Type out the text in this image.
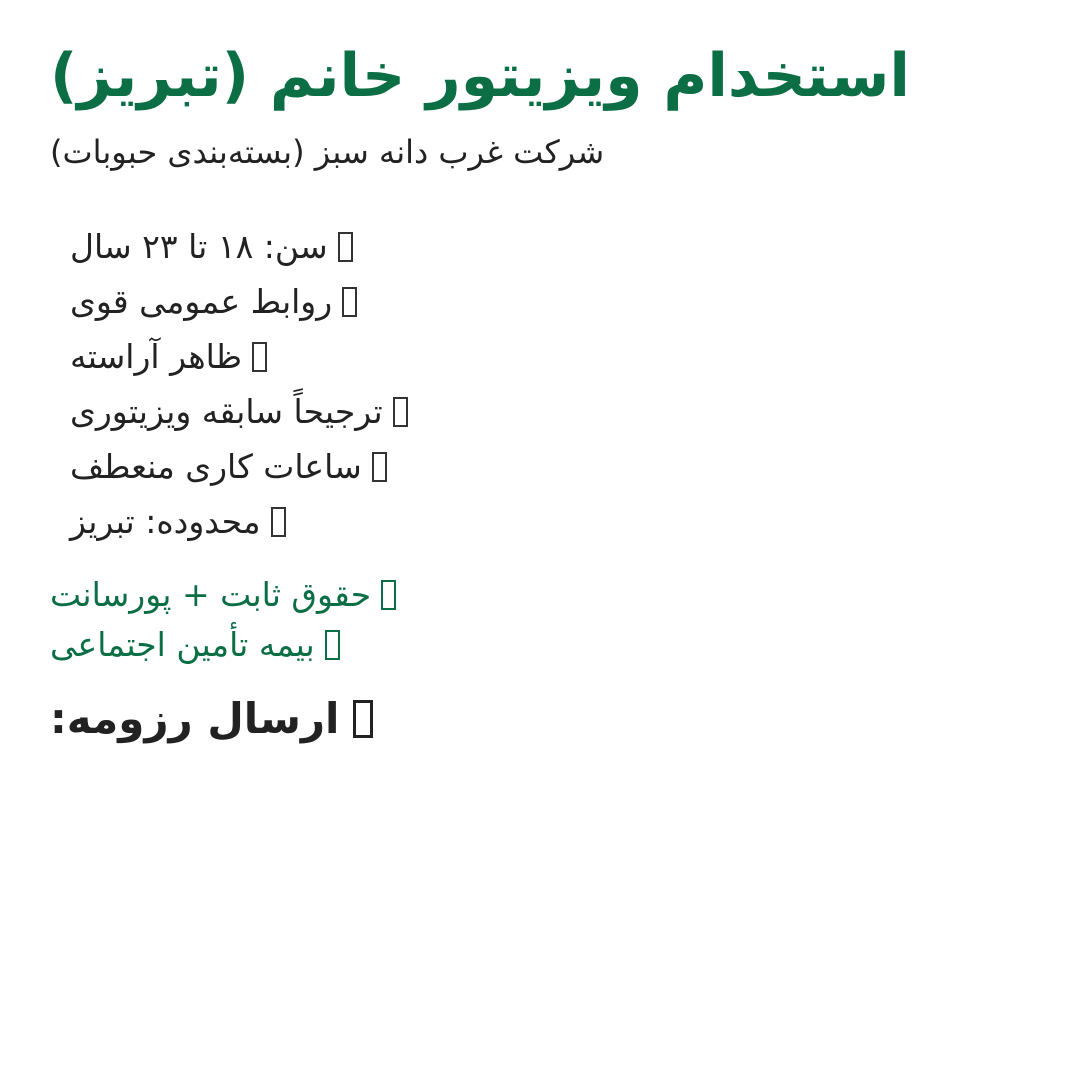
استخدام ویزیتور خانم (تبریز)

شرکت غرب دانه سبز (بسته‌بندی حبوبات)

سن: ۱۸ تا ۲۳ سال
روابط عمومی قوی
ظاهر آراسته
ترجیحاً سابقه ویزیتوری
ساعات کاری منعطف
محدوده: تبریز
حقوق ثابت + پورسانت
بیمه تأمین اجتماعی
ارسال رزومه:
